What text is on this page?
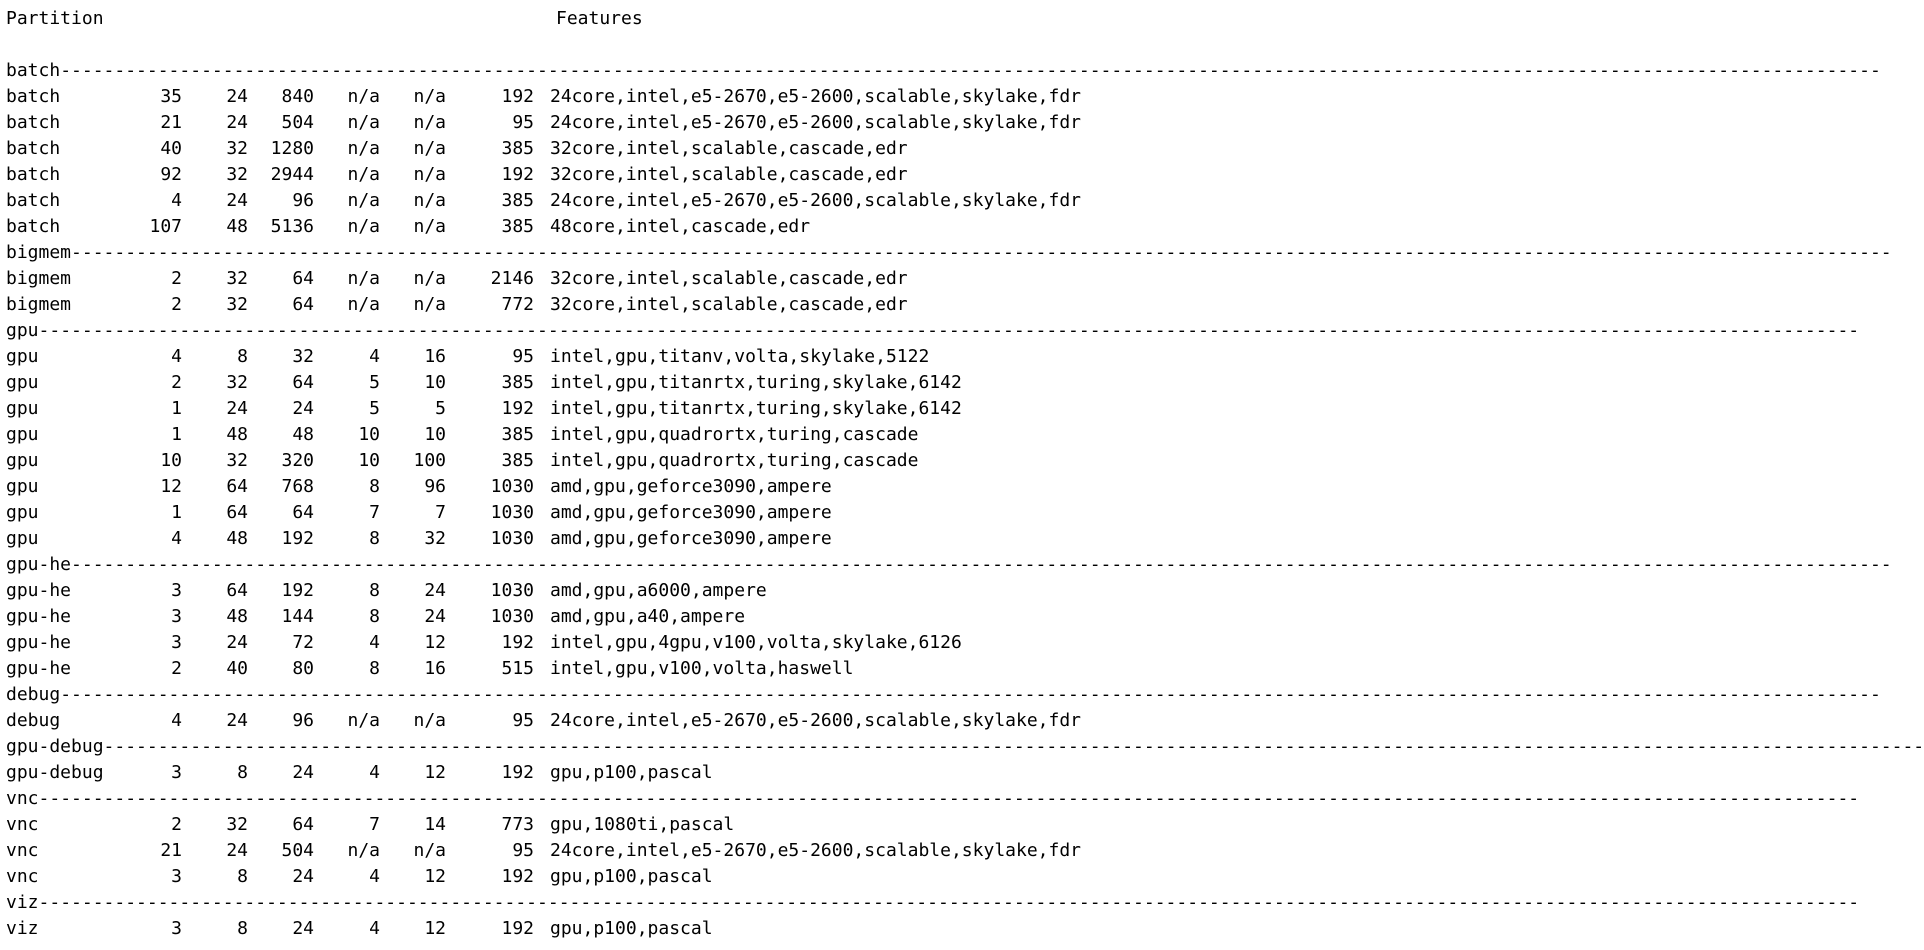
Partition

	Features

batch------------------------------------------------------------------------------------------------------------------------------------------------------------------------
batch	35 24 840 n/a n/a	192 24core,intel,e5-2670,e5-2600,scalable,skylake,fdr
batch	21 24 504 n/a n/a	95 24core,intel,e5-2670,e5-2600,scalable,skylake,fdr
batch	40 32 1280 n/a n/a	385 32core,intel,scalable,cascade,edr
batch	92 32 2944 n/a n/a	192 32core,intel,scalable,cascade,edr
batch	4 24 96 n/a n/a	385 24core,intel,e5-2670,e5-2600,scalable,skylake,fdr
batch	107 48 5136 n/a n/a	385 48core,intel,cascade,edr
bigmem------------------------------------------------------------------------------------------------------------------------------------------------------------------------
bigmem	2 32 64 n/a n/a 2146 32core,intel,scalable,cascade,edr
bigmem	2 32 64 n/a n/a	772 32core,intel,scalable,cascade,edr
gpu------------------------------------------------------------------------------------------------------------------------------------------------------------------------
gpu	4	8 32	4 16	95 intel,gpu,titanv,volta,skylake,5122
gpu	2 32 64	5 10	385 intel,gpu,titanrtx,turing,skylake,6142
gpu	1 24 24	5	5	192 intel,gpu,titanrtx,turing,skylake,6142
gpu	1 48 48 10 10	385 intel,gpu,quadrortx,turing,cascade
gpu	10 32 320 10 100	385 intel,gpu,quadrortx,turing,cascade
gpu	12 64 768	8 96 1030 amd,gpu,geforce3090,ampere
gpu	1 64 64	7	7 1030 amd,gpu,geforce3090,ampere
gpu	4 48 192	8 32 1030 amd,gpu,geforce3090,ampere
gpu-he------------------------------------------------------------------------------------------------------------------------------------------------------------------------
gpu-he	3 64 192	8 24 1030 amd,gpu,a6000,ampere
gpu-he	3 48 144	8 24 1030 amd,gpu,a40,ampere
gpu-he	3 24 72	4 12	192 intel,gpu,4gpu,v100,volta,skylake,6126
gpu-he	2 40 80	8 16	515 intel,gpu,v100,volta,haswell
debug------------------------------------------------------------------------------------------------------------------------------------------------------------------------
debug	4 24 96 n/a n/a	95 24core,intel,e5-2670,e5-2600,scalable,skylake,fdr
gpu-debug------------------------------------------------------------------------------------------------------------------------------------------------------------------------
gpu-debug	3	8 24	4 12	192 gpu,p100,pascal
vnc------------------------------------------------------------------------------------------------------------------------------------------------------------------------
vnc	2 32 64	7 14	773 gpu,1080ti,pascal
vnc	21 24 504 n/a n/a	95 24core,intel,e5-2670,e5-2600,scalable,skylake,fdr
vnc	3	8 24	4 12	192 gpu,p100,pascal
viz------------------------------------------------------------------------------------------------------------------------------------------------------------------------
viz	3	8 24	4 12	192 gpu,p100,pascal
